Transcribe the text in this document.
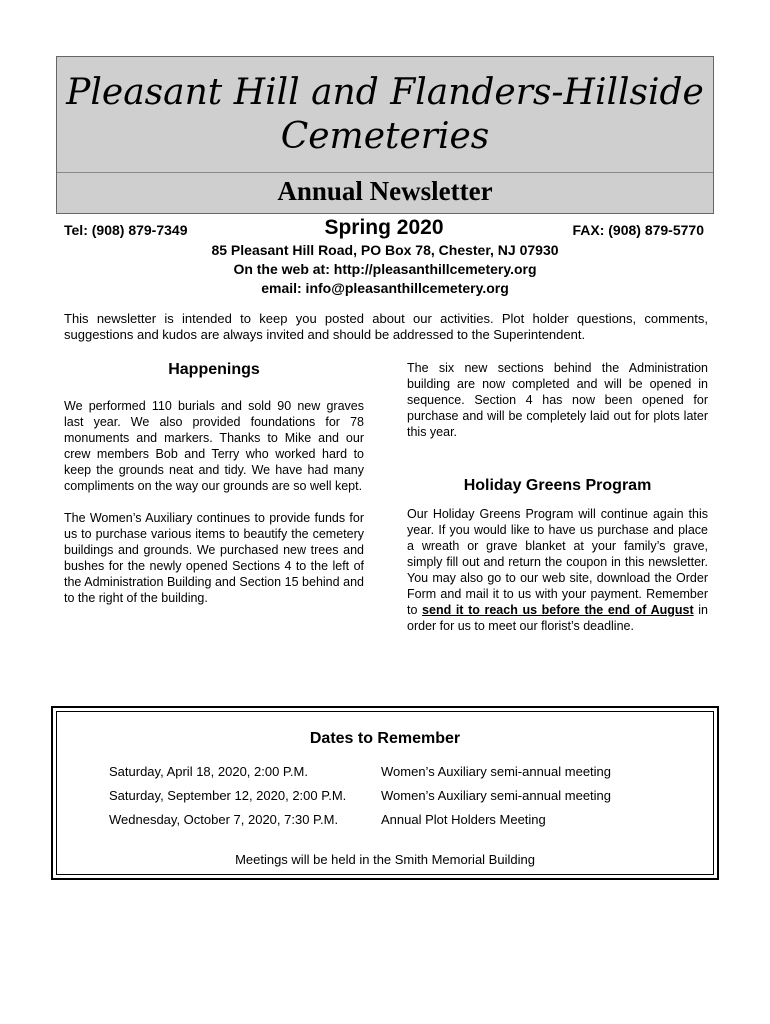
Pleasant Hill and Flanders-Hillside
Cemeteries
Annual Newsletter
Tel: (908) 879-7349	Spring 2020	FAX: (908) 879-5770
85 Pleasant Hill Road, PO Box 78, Chester, NJ 07930
On the web at: http://pleasanthillcemetery.org
email: info@pleasanthillcemetery.org

This newsletter is intended to keep you posted about our activities. Plot holder questions, comments, suggestions and kudos are always invited and should be addressed to the Superintendent.

Happenings

We performed 110 burials and sold 90 new graves last year. We also provided foundations for 78 monuments and markers. Thanks to Mike and our crew members Bob and Terry who worked hard to keep the grounds neat and tidy. We have had many compliments on the way our grounds are so well kept.

The Women’s Auxiliary continues to provide funds for us to purchase various items to beautify the cemetery buildings and grounds. We purchased new trees and bushes for the newly opened Sections 4 to the left of the Administration Building and Section 15 behind and to the right of the building.

The six new sections behind the Administration building are now completed and will be opened in sequence. Section 4 has now been opened for purchase and will be completely laid out for plots later this year.

Holiday Greens Program

Our Holiday Greens Program will continue again this year. If you would like to have us purchase and place a wreath or grave blanket at your family’s grave, simply fill out and return the coupon in this newsletter. You may also go to our web site, download the Order Form and mail it to us with your payment. Remember to send it to reach us before the end of August in order for us to meet our florist’s deadline.

Dates to Remember
Saturday, April 18, 2020, 2:00 P.M.	Women’s Auxiliary semi-annual meeting
Saturday, September 12, 2020, 2:00 P.M.	Women’s Auxiliary semi-annual meeting
Wednesday, October 7, 2020, 7:30 P.M.	Annual Plot Holders Meeting
Meetings will be held in the Smith Memorial Building
